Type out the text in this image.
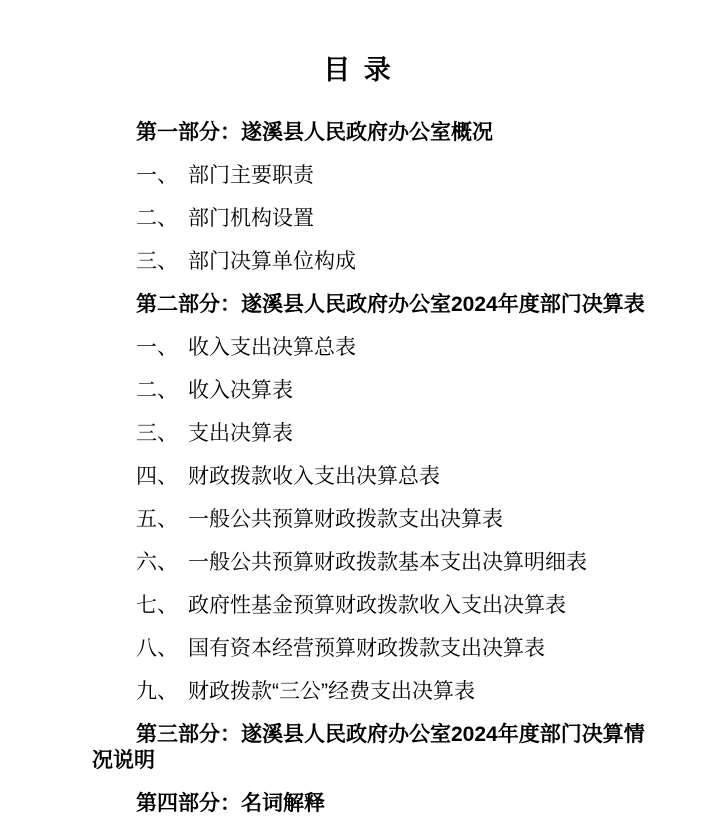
目 录

第一部分：遂溪县人民政府办公室概况

一、 部门主要职责

二、 部门机构设置

三、 部门决算单位构成

第二部分：遂溪县人民政府办公室2024年度部门决算表

一、 收入支出决算总表

二、 收入决算表

三、 支出决算表

四、 财政拨款收入支出决算总表

五、 一般公共预算财政拨款支出决算表

六、 一般公共预算财政拨款基本支出决算明细表

七、 政府性基金预算财政拨款收入支出决算表

八、 国有资本经营预算财政拨款支出决算表

九、 财政拨款“三公”经费支出决算表

第三部分：遂溪县人民政府办公室2024年度部门决算情况说明

第四部分：名词解释
